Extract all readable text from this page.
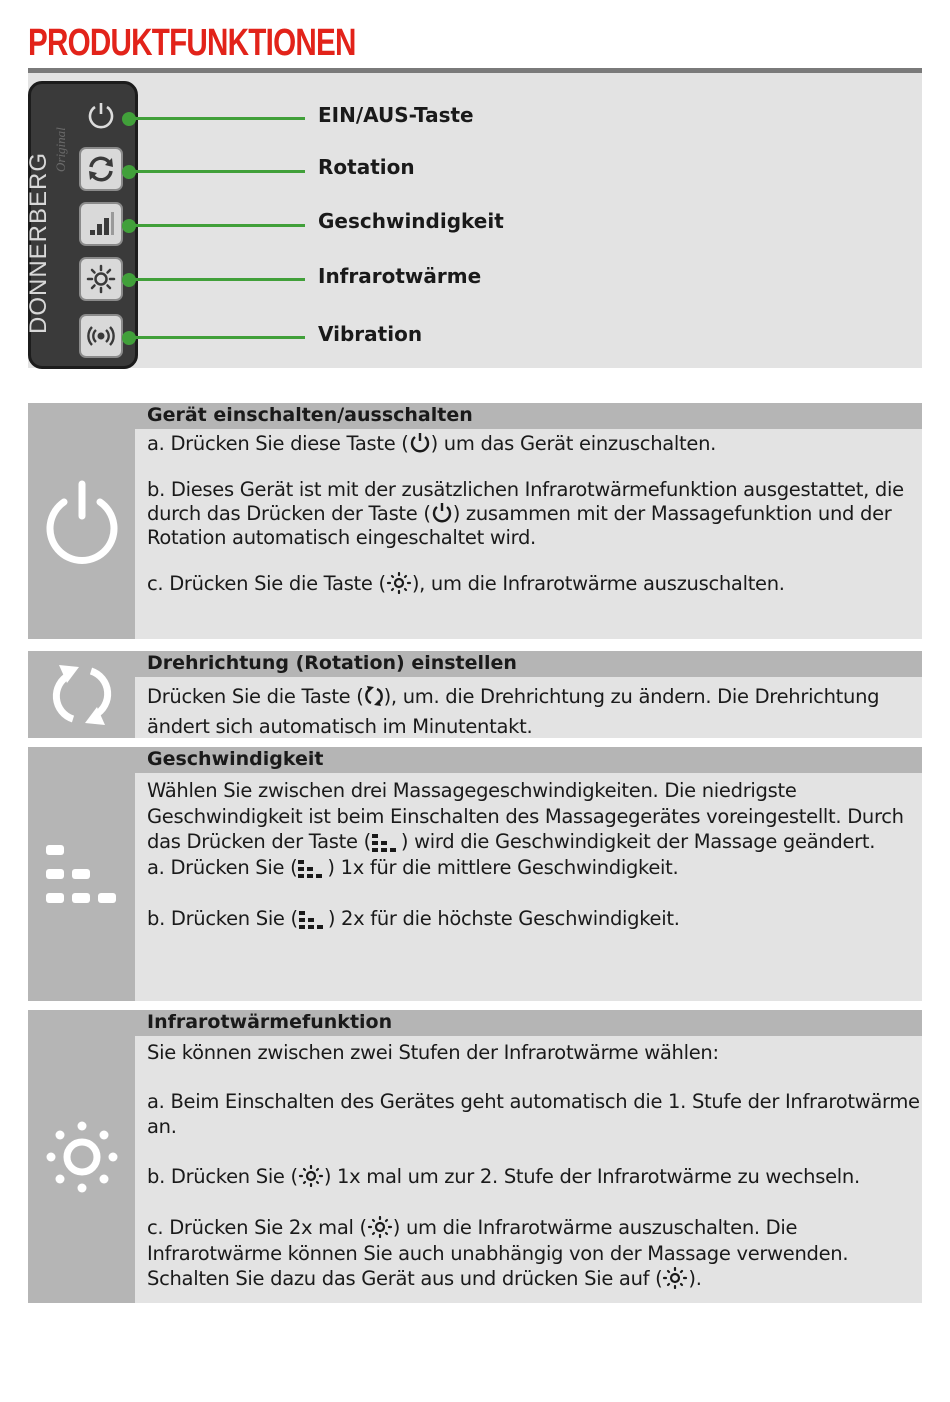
PRODUKTFUNKTIONEN
DONNERBERG
Original
EIN/AUS-Taste
Rotation
Geschwindigkeit
Infrarotwärme
Vibration
Gerät einschalten/ausschalten

a. Drücken Sie diese Taste ( ) um das Gerät einzuschalten.

b. Dieses Gerät ist mit der zusätzlichen Infrarotwärmefunktion ausgestattet, die durch das Drücken der Taste ( ) zusammen mit der Massagefunktion und der Rotation automatisch eingeschaltet wird.

c. Drücken Sie die Taste ( ), um die Infrarotwärme auszuschalten.

Drehrichtung (Rotation) einstellen

Drücken Sie die Taste ( ), um. die Drehrichtung zu ändern. Die Drehrichtung ändert sich automatisch im Minutentakt.

Geschwindigkeit

Wählen Sie zwischen drei Massagegeschwindigkeiten. Die niedrigste Geschwindigkeit ist beim Einschalten des Massagegerätes voreingestellt. Durch das Drücken der Taste ( ) wird die Geschwindigkeit der Massage geändert.

a. Drücken Sie ( ) 1x für die mittlere Geschwindigkeit.

b. Drücken Sie ( ) 2x für die höchste Geschwindigkeit.

Infrarotwärmefunktion

Sie können zwischen zwei Stufen der Infrarotwärme wählen:

a. Beim Einschalten des Gerätes geht automatisch die 1. Stufe der Infrarotwärme an.

b. Drücken Sie ( ) 1x mal um zur 2. Stufe der Infrarotwärme zu wechseln.

c. Drücken Sie 2x mal ( ) um die Infrarotwärme auszuschalten. Die Infrarotwärme können Sie auch unabhängig von der Massage verwenden. Schalten Sie dazu das Gerät aus und drücken Sie auf ( ).
